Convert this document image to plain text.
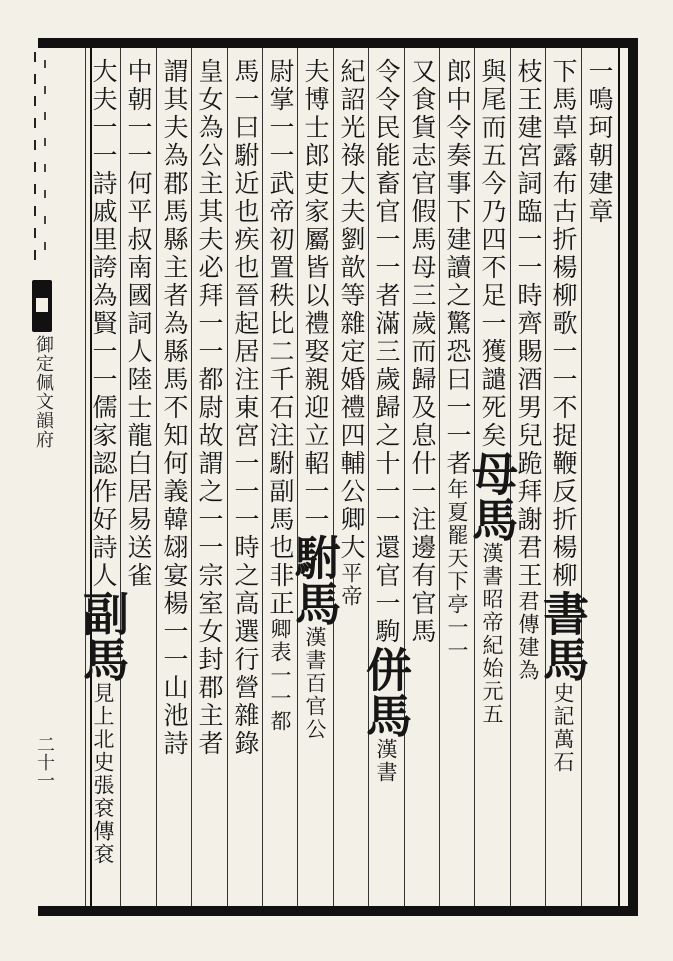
御定佩文韻府
二十一
一鳴珂朝建章
下馬草露布古折楊柳歌一一不捉鞭反折楊柳書馬史記萬石
枝王建宮詞臨一一時齊賜酒男兒跪拜謝君王君傳建為
與尾而五今乃四不足一獲譴死矣母馬漢書昭帝紀始元五
郎中令奏事下建讀之驚恐曰一一者年夏罷天下亭一一
又食貨志官假馬母三歲而歸及息什一注邊有官馬
令令民能畜官一一者滿三歲歸之十一一還官一駒併馬漢書
紀詔光祿大夫劉歆等雜定婚禮四輔公卿大平帝
夫博士郎吏家屬皆以禮娶親迎立軺一一駙馬漢書百官公
尉掌一一武帝初置秩比二千石注駙副馬也非正卿表一一都
馬一曰駙近也疾也晉起居注東宮一一一時之高選行營雜錄
皇女為公主其夫必拜一一都尉故謂之一一宗室女封郡主者
謂其夫為郡馬縣主者為縣馬不知何義韓翃宴楊一一山池詩
中朝一一何平叔南國詞人陸士龍白居易送雀
大夫一一詩戚里誇為賢一一儒家認作好詩人副馬見上北史張袞傳袞
